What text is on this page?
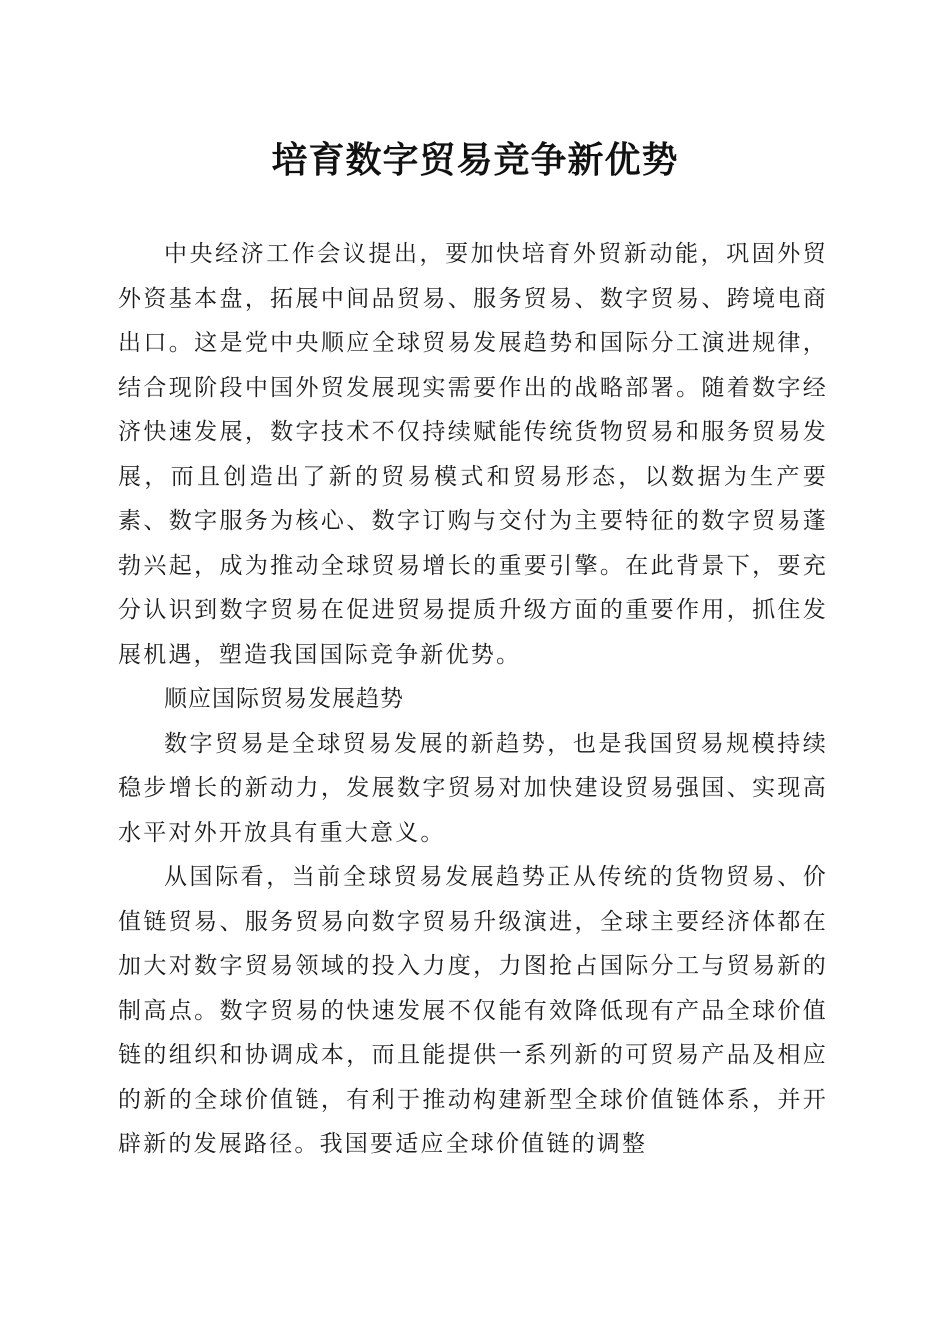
培育数字贸易竞争新优势

中央经济工作会议提出，要加快培育外贸新动能，巩固外贸外资基本盘，拓展中间品贸易、服务贸易、数字贸易、跨境电商出口。这是党中央顺应全球贸易发展趋势和国际分工演进规律，结合现阶段中国外贸发展现实需要作出的战略部署。随着数字经济快速发展，数字技术不仅持续赋能传统货物贸易和服务贸易发展，而且创造出了新的贸易模式和贸易形态，以数据为生产要素、数字服务为核心、数字订购与交付为主要特征的数字贸易蓬勃兴起，成为推动全球贸易增长的重要引擎。在此背景下，要充分认识到数字贸易在促进贸易提质升级方面的重要作用，抓住发展机遇，塑造我国国际竞争新优势。

顺应国际贸易发展趋势

数字贸易是全球贸易发展的新趋势，也是我国贸易规模持续稳步增长的新动力，发展数字贸易对加快建设贸易强国、实现高水平对外开放具有重大意义。

从国际看，当前全球贸易发展趋势正从传统的货物贸易、价值链贸易、服务贸易向数字贸易升级演进，全球主要经济体都在加大对数字贸易领域的投入力度，力图抢占国际分工与贸易新的制高点。数字贸易的快速发展不仅能有效降低现有产品全球价值链的组织和协调成本，而且能提供一系列新的可贸易产品及相应的新的全球价值链，有利于推动构建新型全球价值链体系，并开辟新的发展路径。我国要适应全球价值链的调整
